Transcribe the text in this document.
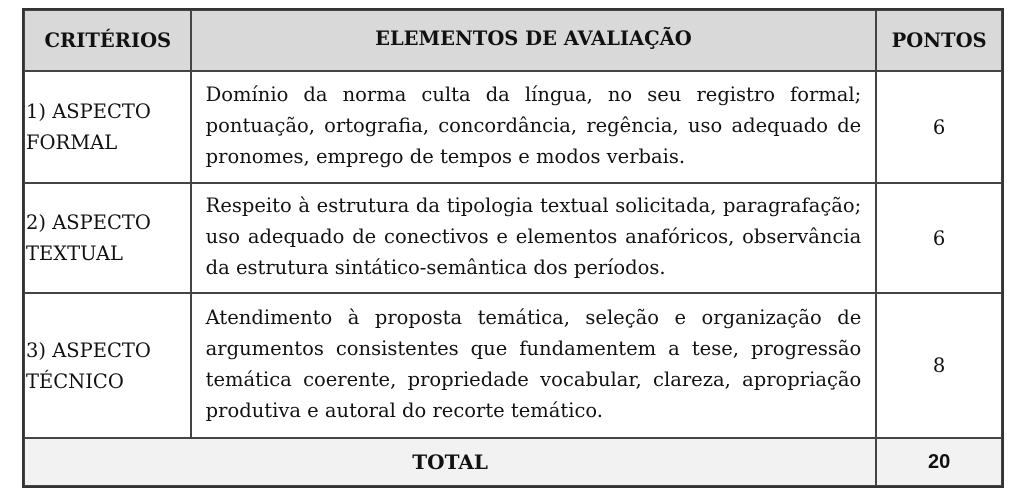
CRITÉRIOS	ELEMENTOS DE AVALIAÇÃO	PONTOS
1) ASPECTO
FORMAL	Domínio da norma culta da língua, no seu registro formal; pontuação, ortografia, concordância, regência, uso adequado de pronomes, emprego de tempos e modos verbais.	6
2) ASPECTO
TEXTUAL	Respeito à estrutura da tipologia textual solicitada, paragrafação; uso adequado de conectivos e elementos anafóricos, observância da estrutura sintático-semântica dos períodos.	6
3) ASPECTO
TÉCNICO	Atendimento à proposta temática, seleção e organização de argumentos consistentes que fundamentem a tese, progressão temática coerente, propriedade vocabular, clareza, apropriação produtiva e autoral do recorte temático.	8
TOTAL		20
